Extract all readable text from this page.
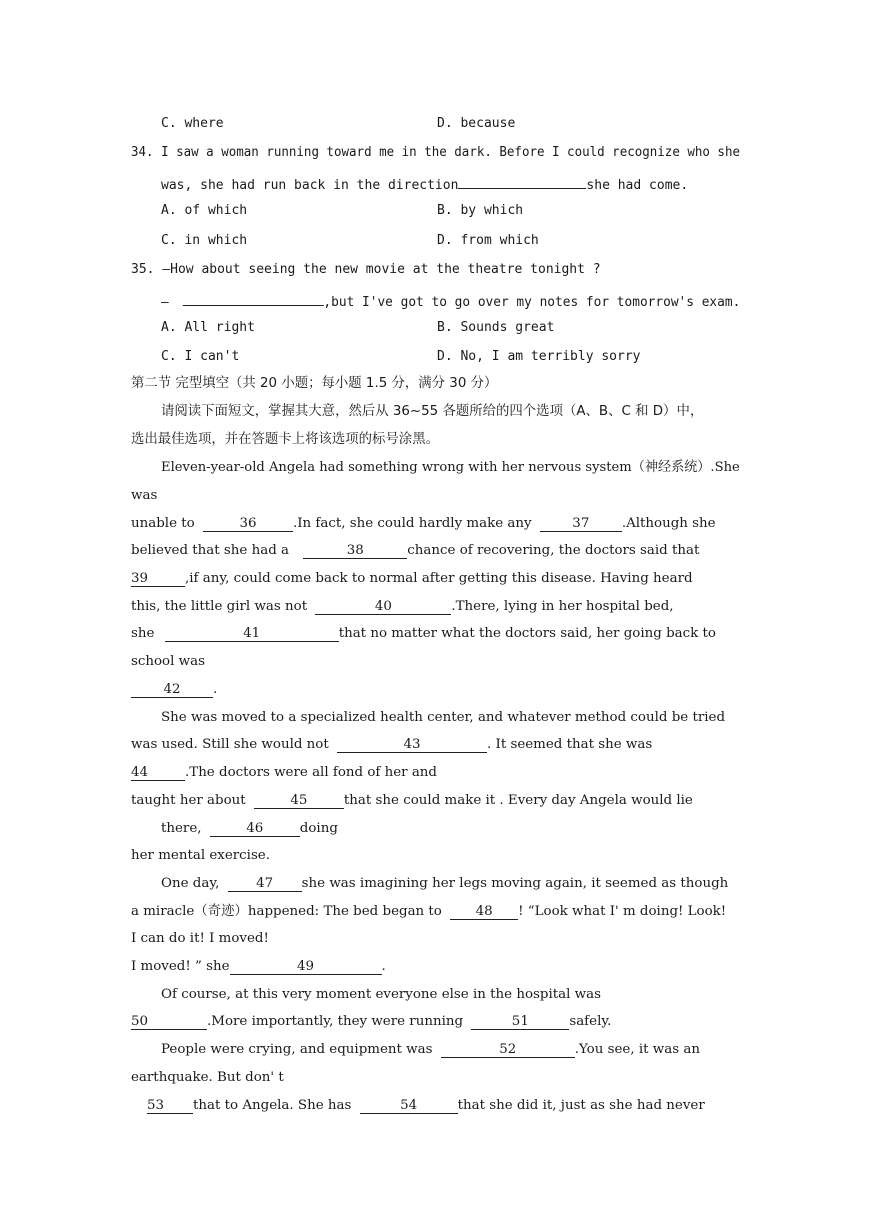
C. where	D. because
34. I saw a woman running toward me in the dark. Before I could recognize who she
was, she had run back in the direction	she had come.
A. of which	B. by which
C. in which	D. from which
35. —How about seeing the new movie at the theatre tonight ?
—	,but I've got to go over my notes for tomorrow's exam.
A. All right	B. Sounds great
C. I can't	D. No, I am terribly sorry
第二节 完型填空（共 20 小题；每小题 1.5 分，满分 30 分）
请阅读下面短文，掌握其大意，然后从 36~55 各题所给的四个选项（A、B、C 和 D）中，
选出最佳选项，并在答题卡上将该选项的标号涂黑。
Eleven-year-old Angela had something wrong with her nervous system（神经系统）.She
was
unable to	36	.In fact, she could hardly make any	37 .Although she
believed that she had a	38	chance of recovering, the doctors said that
39	,if any, could come back to normal after getting this disease. Having heard
this, the little girl was not	40	.There, lying in her hospital bed,
she	41	that no matter what the doctors said, her going back to
school was
42 .
She was moved to a specialized health center, and whatever method could be tried
was used. Still she would not	43	. It seemed that she was
44	.The doctors were all fond of her and
taught her about	45	that she could make it . Every day Angela would lie
there,	46	doing
her mental exercise.
One day,	47 she was imagining her legs moving again, it seemed as though
a miracle（奇迹）happened: The bed began to	48 ! “Look what I' m doing! Look!
I can do it! I moved!
I moved! ” she	49	.
Of course, at this very moment everyone else in the hospital was
50	.More importantly, they were running	51	safely.
People were crying, and equipment was	52	.You see, it was an
earthquake. But don' t
53 that to Angela. She has	54	that she did it, just as she had never
